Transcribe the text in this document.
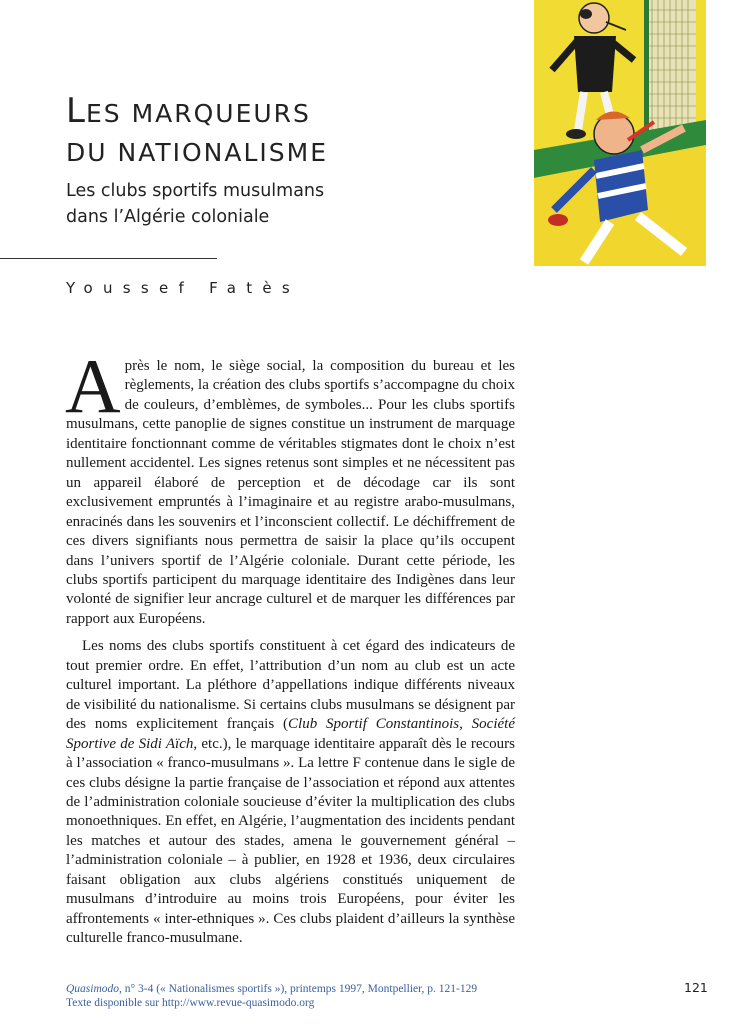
LES MARQUEURS
DU NATIONALISME
Les clubs sportifs musulmans
dans l’Algérie coloniale
Youssef Fatès

Après le nom, le siège social, la composition du bureau et les règlements, la création des clubs sportifs s’accompagne du choix de couleurs, d’emblèmes, de symboles... Pour les clubs sportifs musulmans, cette panoplie de signes constitue un instrument de marquage identitaire fonctionnant comme de véritables stigmates dont le choix n’est nullement accidentel. Les signes retenus sont simples et ne nécessitent pas un appareil élaboré de perception et de décodage car ils sont exclusivement empruntés à l’imaginaire et au registre arabo-musulmans, enracinés dans les souvenirs et l’inconscient collectif. Le déchiffrement de ces divers signifiants nous permettra de saisir la place qu’ils occupent dans l’univers sportif de l’Algérie coloniale. Durant cette période, les clubs sportifs participent du marquage identitaire des Indigènes dans leur volonté de signifier leur ancrage culturel et de marquer les différences par rapport aux Européens.

Les noms des clubs sportifs constituent à cet égard des indicateurs de tout premier ordre. En effet, l’attribution d’un nom au club est un acte culturel important. La pléthore d’appellations indique différents niveaux de visibilité du nationalisme. Si certains clubs musulmans se désignent par des noms explicitement français (Club Sportif Constantinois, Société Sportive de Sidi Aïch, etc.), le marquage identitaire apparaît dès le recours à l’association « franco-musulmans ». La lettre F contenue dans le sigle de ces clubs désigne la partie française de l’association et répond aux attentes de l’administration coloniale soucieuse d’éviter la multiplication des clubs monoethniques. En effet, en Algérie, l’augmentation des incidents pendant les matches et autour des stades, amena le gouvernement général – l’administration coloniale – à publier, en 1928 et 1936, deux circulaires faisant obligation aux clubs algériens constitués uniquement de musulmans d’introduire au moins trois Européens, pour éviter les affrontements « inter-ethniques ». Ces clubs plaident d’ailleurs la synthèse culturelle franco-musulmane.

Quasimodo, n° 3-4 (« Nationalismes sportifs »), printemps 1997, Montpellier, p. 121-129
Texte disponible sur http://www.revue-quasimodo.org
121
